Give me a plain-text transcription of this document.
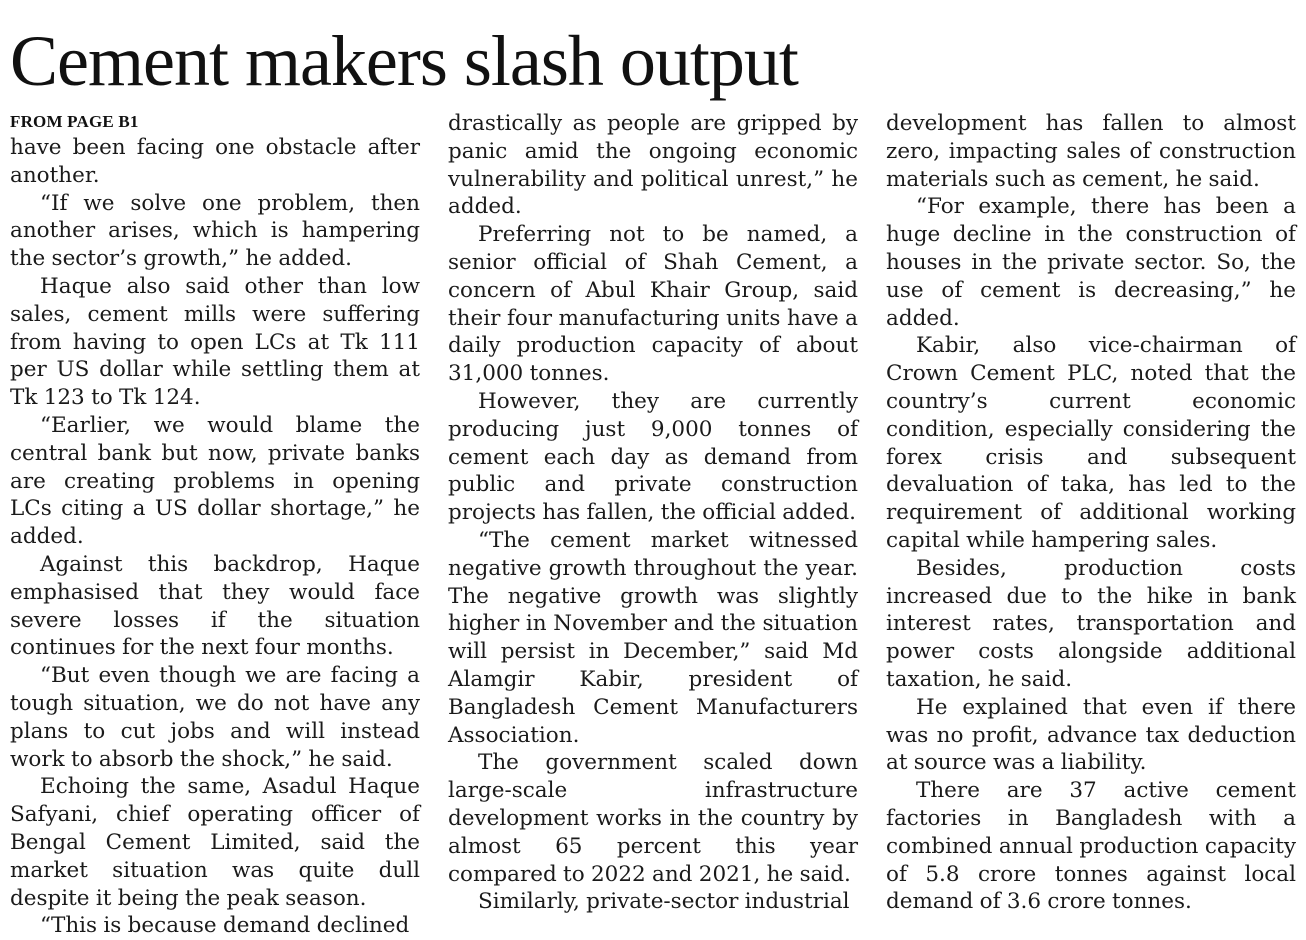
Cement makers slash output
FROM PAGE B1

have been facing one obstacle after another.

“If we solve one problem, then another arises, which is hampering the sector’s growth,” he added.

Haque also said other than low sales, cement mills were suffering from having to open LCs at Tk 111 per US dollar while settling them at Tk 123 to Tk 124.

“Earlier, we would blame the central bank but now, private banks are creating problems in opening LCs citing a US dollar shortage,” he added.

Against this backdrop, Haque emphasised that they would face severe losses if the situation continues for the next four months.

“But even though we are facing a tough situation, we do not have any plans to cut jobs and will instead work to absorb the shock,” he said.

Echoing the same, Asadul Haque Safyani, chief operating officer of Bengal Cement Limited, said the market situation was quite dull despite it being the peak season.

“This is because demand declined

drastically as people are gripped by panic amid the ongoing economic vulnerability and political unrest,” he added.

Preferring not to be named, a senior official of Shah Cement, a concern of Abul Khair Group, said their four manufacturing units have a daily production capacity of about 31,000 tonnes.

However, they are currently producing just 9,000 tonnes of cement each day as demand from public and private construction projects has fallen, the official added.

“The cement market witnessed negative growth throughout the year. The negative growth was slightly higher in November and the situation will persist in December,” said Md Alamgir Kabir, president of Bangladesh Cement Manufacturers Association.

The government scaled down large-scale infrastructure development works in the country by almost 65 percent this year compared to 2022 and 2021, he said.

Similarly, private-sector industrial

development has fallen to almost zero, impacting sales of construction materials such as cement, he said.

“For example, there has been a huge decline in the construction of houses in the private sector. So, the use of cement is decreasing,” he added.

Kabir, also vice-chairman of Crown Cement PLC, noted that the country’s current economic condition, especially considering the forex crisis and subsequent devaluation of taka, has led to the requirement of additional working capital while hampering sales.

Besides, production costs increased due to the hike in bank interest rates, transportation and power costs alongside additional taxation, he said.

He explained that even if there was no profit, advance tax deduction at source was a liability.

There are 37 active cement factories in Bangladesh with a combined annual production capacity of 5.8 crore tonnes against local demand of 3.6 crore tonnes.
